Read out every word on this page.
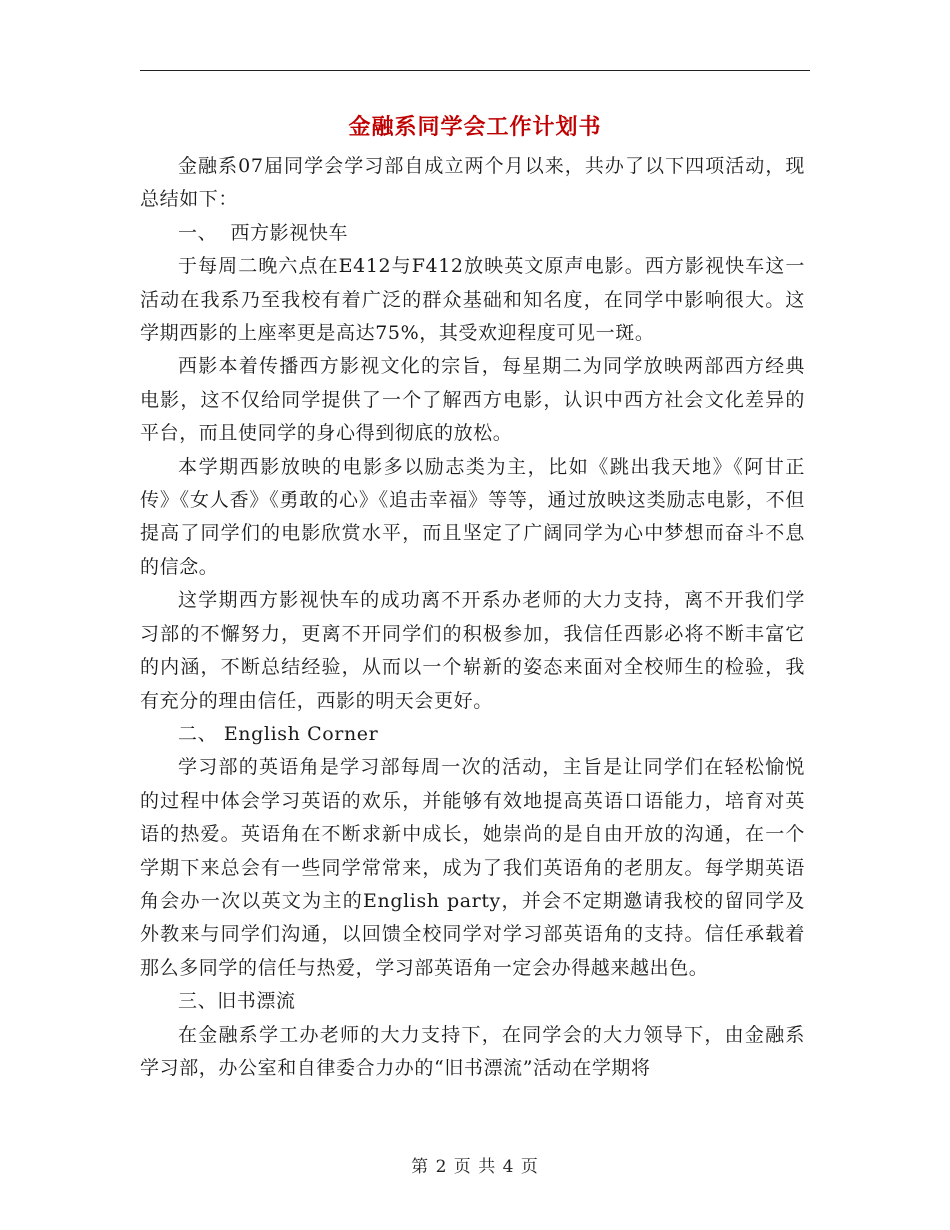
金融系同学会工作计划书

金融系07届同学会学习部自成立两个月以来，共办了以下四项活动，现总结如下：

一、  西方影视快车

于每周二晚六点在E412与F412放映英文原声电影。西方影视快车这一活动在我系乃至我校有着广泛的群众基础和知名度，在同学中影响很大。这学期西影的上座率更是高达75%，其受欢迎程度可见一斑。

西影本着传播西方影视文化的宗旨，每星期二为同学放映两部西方经典电影，这不仅给同学提供了一个了解西方电影，认识中西方社会文化差异的平台，而且使同学的身心得到彻底的放松。

本学期西影放映的电影多以励志类为主，比如《跳出我天地》《阿甘正传》《女人香》《勇敢的心》《追击幸福》等等，通过放映这类励志电影，不但提高了同学们的电影欣赏水平，而且坚定了广阔同学为心中梦想而奋斗不息的信念。

这学期西方影视快车的成功离不开系办老师的大力支持，离不开我们学习部的不懈努力，更离不开同学们的积极参加，我信任西影必将不断丰富它的内涵，不断总结经验，从而以一个崭新的姿态来面对全校师生的检验，我有充分的理由信任，西影的明天会更好。

二、 English Corner

学习部的英语角是学习部每周一次的活动，主旨是让同学们在轻松愉悦的过程中体会学习英语的欢乐，并能够有效地提高英语口语能力，培育对英语的热爱。英语角在不断求新中成长，她崇尚的是自由开放的沟通，在一个学期下来总会有一些同学常常来，成为了我们英语角的老朋友。每学期英语角会办一次以英文为主的English party，并会不定期邀请我校的留同学及外教来与同学们沟通，以回馈全校同学对学习部英语角的支持。信任承载着那么多同学的信任与热爱，学习部英语角一定会办得越来越出色。

三、旧书漂流

在金融系学工办老师的大力支持下，在同学会的大力领导下，由金融系学习部，办公室和自律委合力办的“旧书漂流”活动在学期将

第 2 页 共 4 页
